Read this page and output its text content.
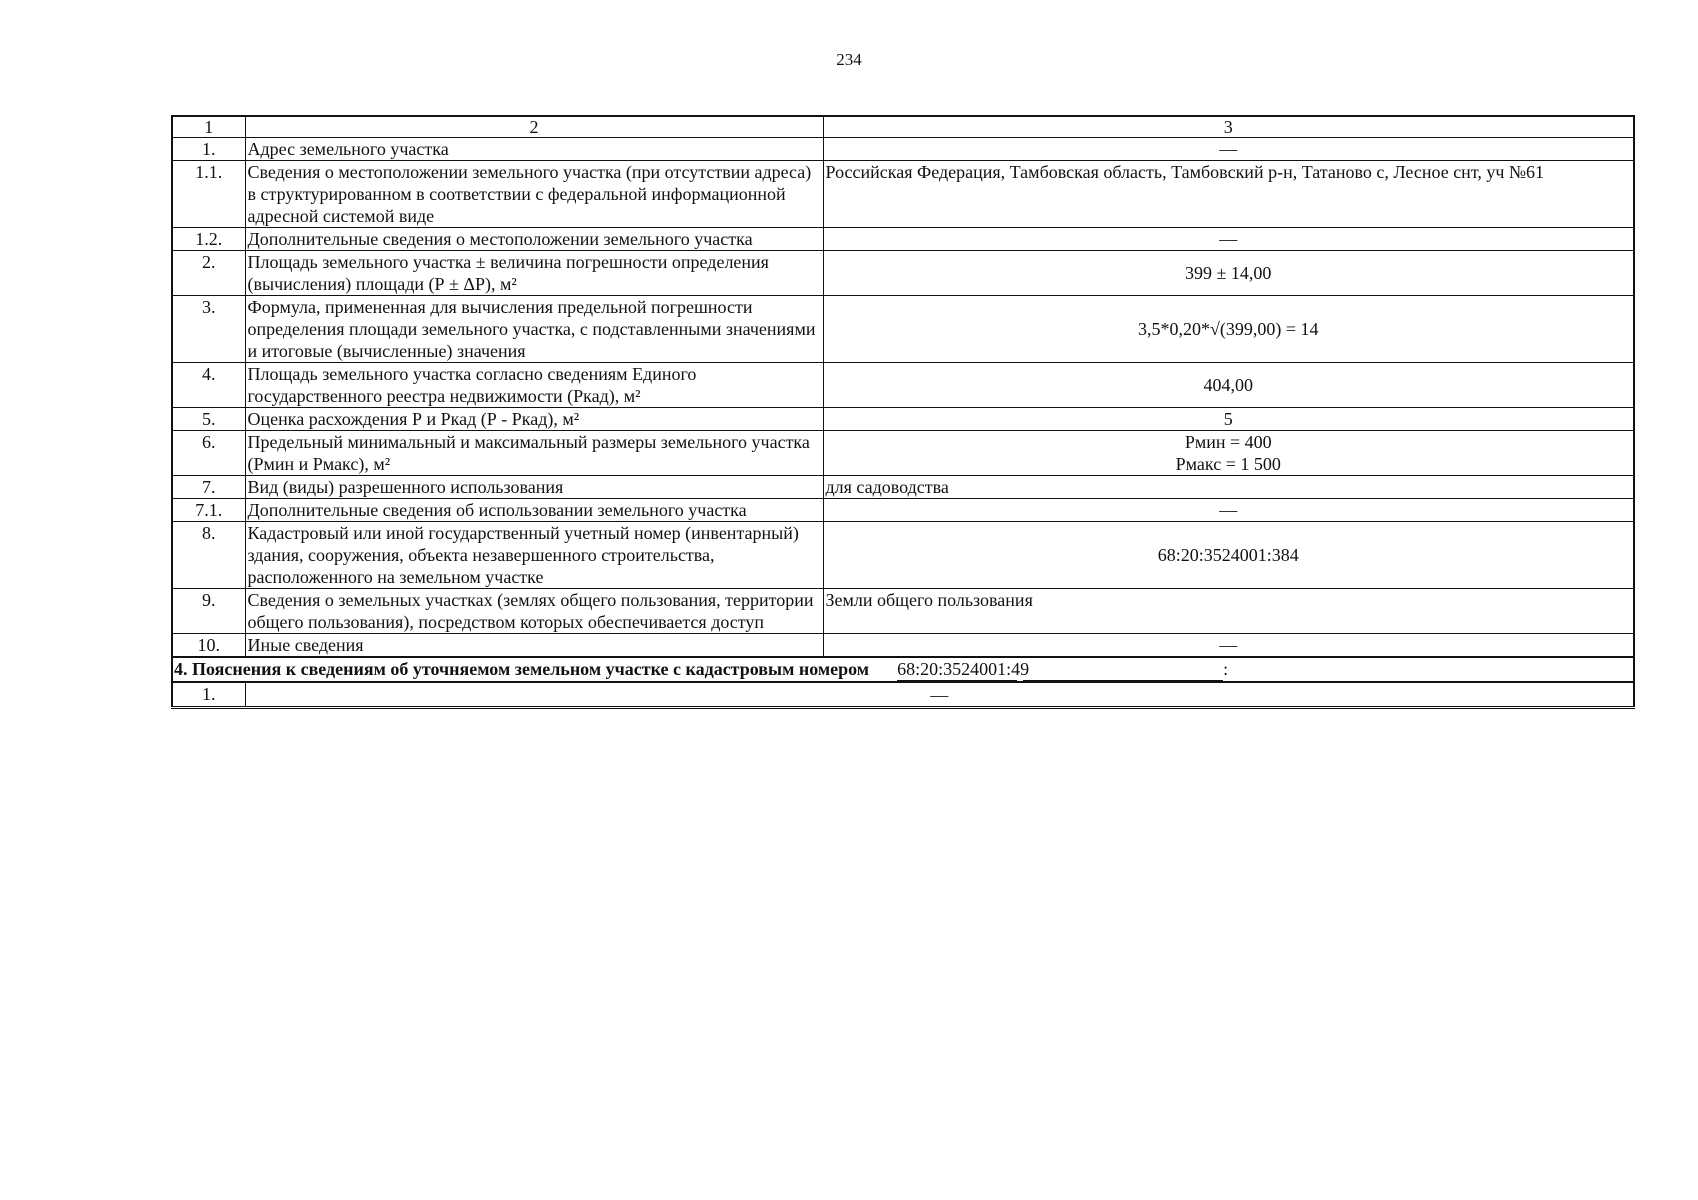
234
1	2	3
1.	Адрес земельного участка	—
1.1.	Сведения о местоположении земельного участка (при отсутствии адреса) в структурированном в соответствии с федеральной информационной адресной системой виде	Российская Федерация, Тамбовская область, Тамбовский р-н, Татаново с, Лесное снт, уч №61
1.2.	Дополнительные сведения о местоположении земельного участка	—
2.	Площадь земельного участка ± величина погрешности определения (вычисления) площади (Р ± ΔР), м²	399 ± 14,00
3.	Формула, примененная для вычисления предельной погрешности определения площади земельного участка, с подставленными значениями и итоговые (вычисленные) значения	3,5*0,20*√(399,00) = 14
4.	Площадь земельного участка согласно сведениям Единого государственного реестра недвижимости (Ркад), м²	404,00
5.	Оценка расхождения Р и Ркад (Р - Ркад), м²	5
6.	Предельный минимальный и максимальный размеры земельного участка (Рмин и Рмакс), м²	Рмин = 400
Рмакс = 1 500

7.	Вид (виды) разрешенного использования	для садоводства
7.1.	Дополнительные сведения об использовании земельного участка	—
8.	Кадастровый или иной государственный учетный номер (инвентарный) здания, сооружения, объекта незавершенного строительства, расположенного на земельном участке	68:20:3524001:384
9.	Сведения о земельных участках (землях общего пользования, территории общего пользования), посредством которых обеспечивается доступ	Земли общего пользования
10.	Иные сведения	—
4. Пояснения к сведениям об уточняемом земельном участке с кадастровым номером 68:20:3524001:49 :		
1.	—	
